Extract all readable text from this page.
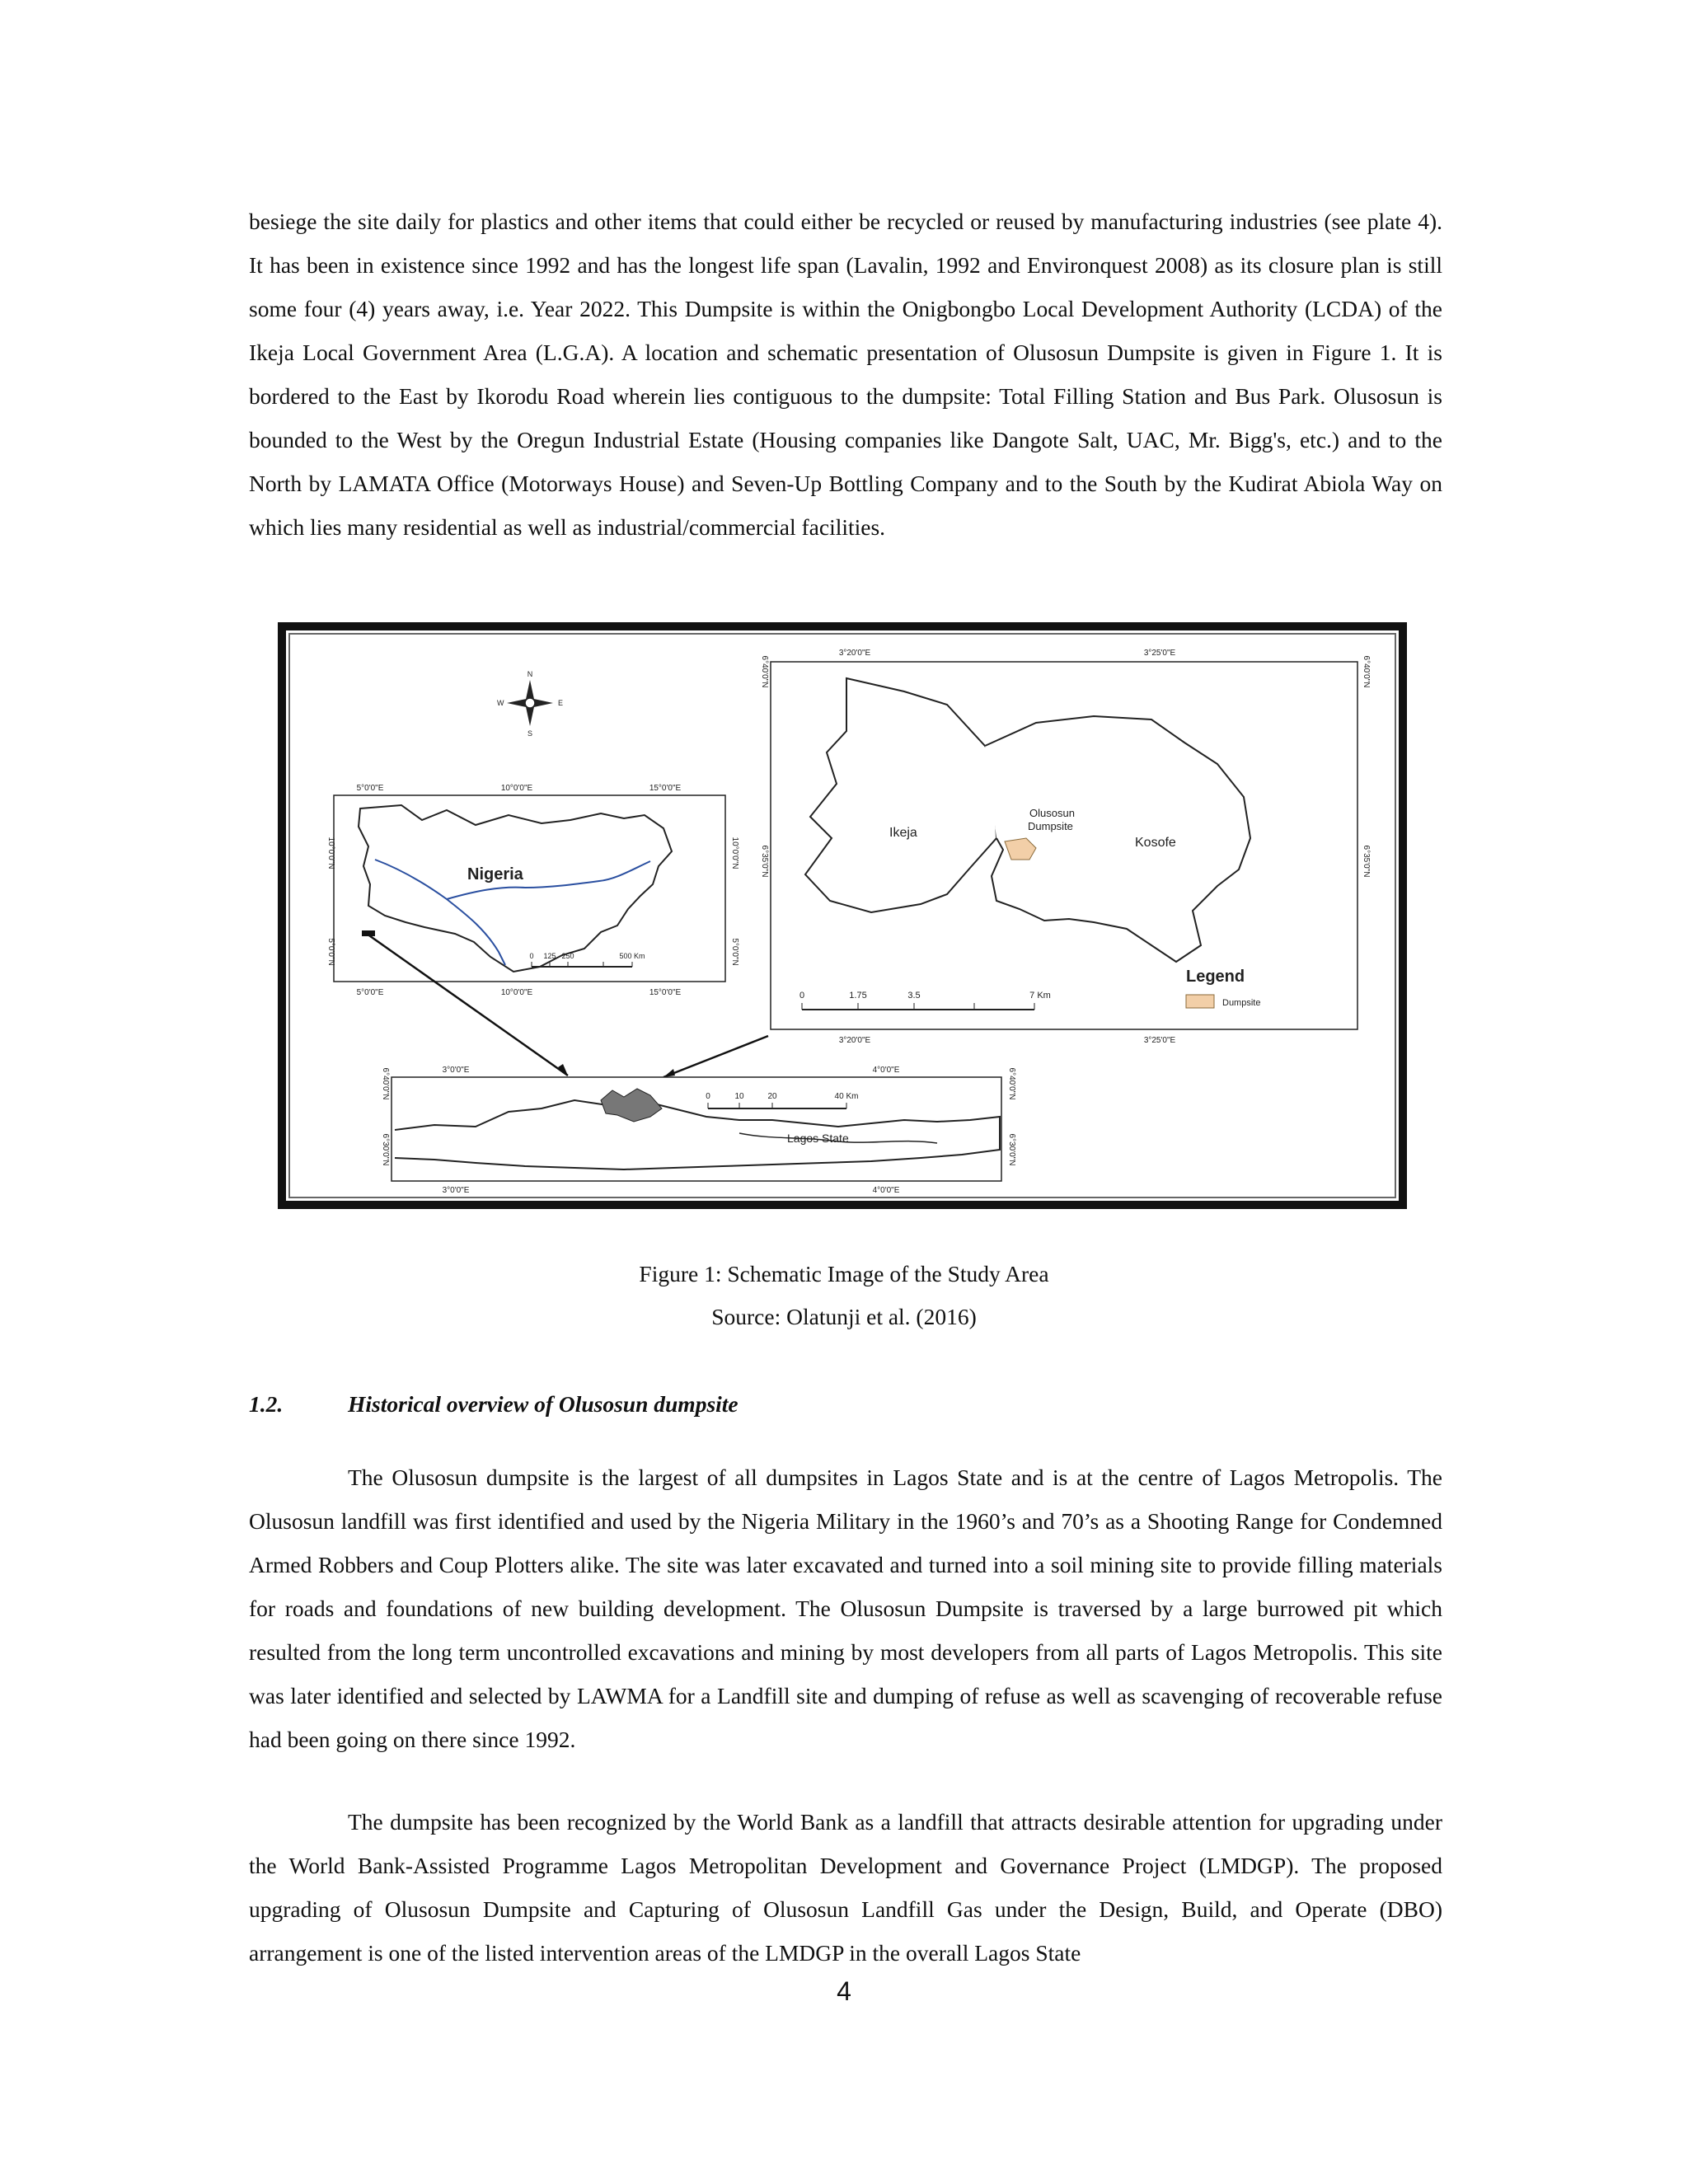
besiege the site daily for plastics and other items that could either be recycled or reused by manufacturing industries (see plate 4). It has been in existence since 1992 and has the longest life span (Lavalin, 1992 and Environquest 2008) as its closure plan is still some four (4) years away, i.e. Year 2022. This Dumpsite is within the Onigbongbo Local Development Authority (LCDA) of the Ikeja Local Government Area (L.G.A). A location and schematic presentation of Olusosun Dumpsite is given in Figure 1. It is bordered to the East by Ikorodu Road wherein lies contiguous to the dumpsite: Total Filling Station and Bus Park. Olusosun is bounded to the West by the Oregun Industrial Estate (Housing companies like Dangote Salt, UAC, Mr. Bigg's, etc.) and to the North by LAMATA Office (Motorways House) and Seven-Up Bottling Company and to the South by the Kudirat Abiola Way on which lies many residential as well as industrial/commercial facilities.

N
S
E
W
5°0'0"E	10°0'0"E	15°0'0"E
5°0'0"E	10°0'0"E	15°0'0"E
10°0'0"N
5°0'0"N
10°0'0"N
5°0'0"N
Nigeria
0 125 250	500 Km
3°20'0"E	3°25'0"E
3°20'0"E	3°25'0"E
6°40'0"N
6°35'0"N
6°40'0"N
6°35'0"N
Ikeja
Kosofe
Olusosun
Dumpsite
Legend
Dumpsite
0	1.75	3.5	7 Km
3°0'0"E	4°0'0"E
3°0'0"E	4°0'0"E
6°40'0"N
6°30'0"N
6°40'0"N
6°30'0"N
Lagos State
0	10	20	40 Km

Figure 1: Schematic Image of the Study Area

Source: Olatunji et al. (2016)

1.2.	Historical overview of Olusosun dumpsite

The Olusosun dumpsite is the largest of all dumpsites in Lagos State and is at the centre of Lagos Metropolis. The Olusosun landfill was first identified and used by the Nigeria Military in the 1960’s and 70’s as a Shooting Range for Condemned Armed Robbers and Coup Plotters alike. The site was later excavated and turned into a soil mining site to provide filling materials for roads and foundations of new building development. The Olusosun Dumpsite is traversed by a large burrowed pit which resulted from the long term uncontrolled excavations and mining by most developers from all parts of Lagos Metropolis. This site was later identified and selected by LAWMA for a Landfill site and dumping of refuse as well as scavenging of recoverable refuse had been going on there since 1992.

The dumpsite has been recognized by the World Bank as a landfill that attracts desirable attention for upgrading under the World Bank-Assisted Programme Lagos Metropolitan Development and Governance Project (LMDGP). The proposed upgrading of Olusosun Dumpsite and Capturing of Olusosun Landfill Gas under the Design, Build, and Operate (DBO) arrangement is one of the listed intervention areas of the LMDGP in the overall Lagos State

4
